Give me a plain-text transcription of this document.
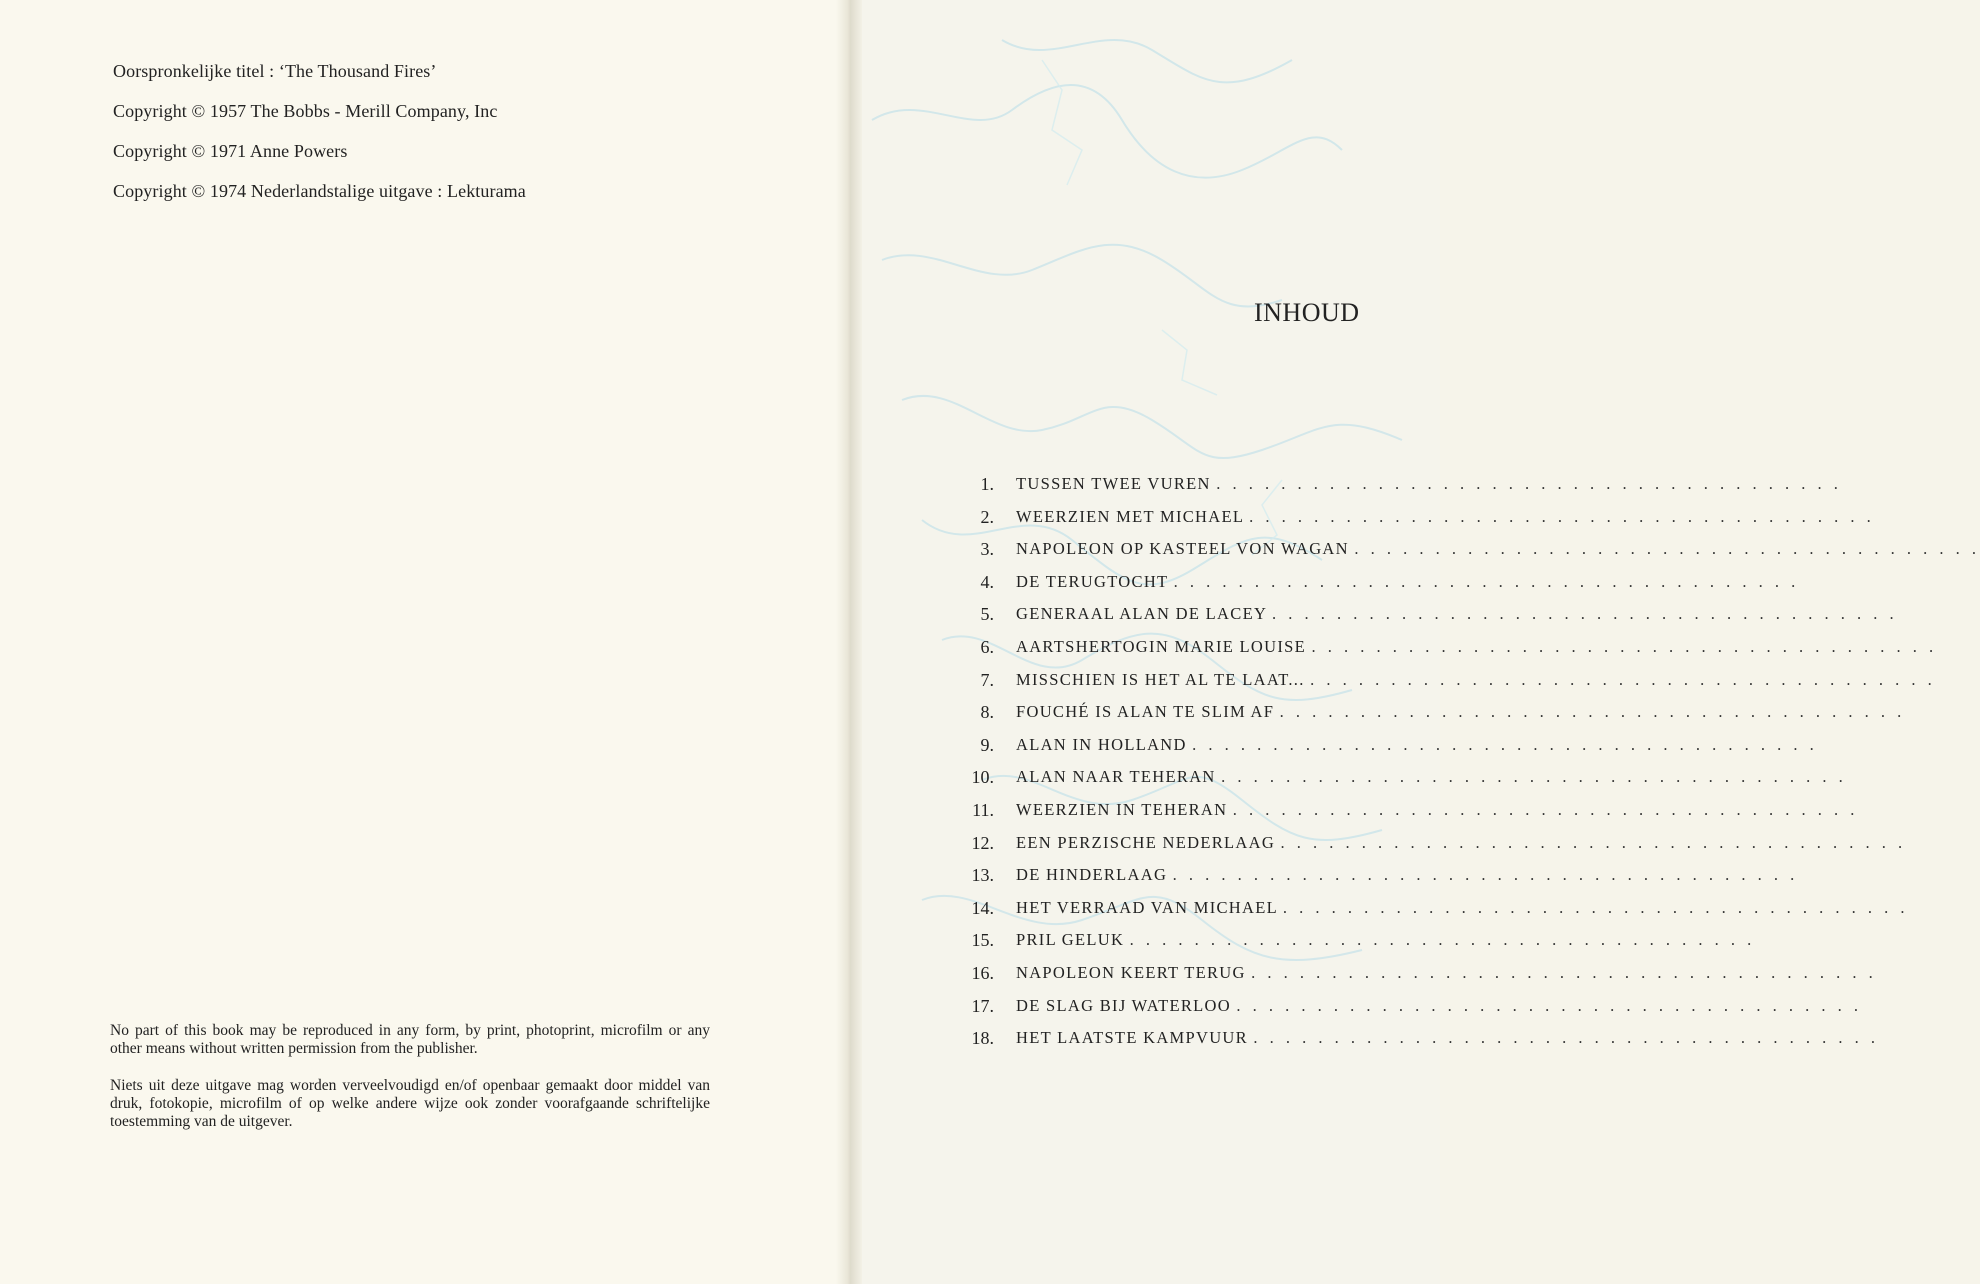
Oorspronkelijke titel : ‘The Thousand Fires’

Copyright © 1957 The Bobbs - Merill Company, Inc

Copyright © 1971 Anne Powers

Copyright © 1974 Nederlandstalige uitgave : Lekturama

No part of this book may be reproduced in any form, by print, photoprint, microfilm or any other means without written permission from the publisher.

Niets uit deze uitgave mag worden verveelvoudigd en/of openbaar gemaakt door middel van druk, fotokopie, microfilm of op welke andere wijze ook zonder voorafgaande schriftelijke toestemming van de uitgever.

INHOUD
1. TUSSEN TWEE VUREN . . . . . . . . . . . . . . . . . . . . . . . . . . . . . . . . . . . . . . .
2. WEERZIEN MET MICHAEL . . . . . . . . . . . . . . . . . . . . . . . . . . . . . . . . . . . . . . .
3. NAPOLEON OP KASTEEL VON WAGAN . . . . . . . . . . . . . . . . . . . . . . . . . . . . . . . . . . . . . . .
4. DE TERUGTOCHT . . . . . . . . . . . . . . . . . . . . . . . . . . . . . . . . . . . . . . .
5. GENERAAL ALAN DE LACEY . . . . . . . . . . . . . . . . . . . . . . . . . . . . . . . . . . . . . . .
6. AARTSHERTOGIN MARIE LOUISE . . . . . . . . . . . . . . . . . . . . . . . . . . . . . . . . . . . . . . .
7. MISSCHIEN IS HET AL TE LAAT... . . . . . . . . . . . . . . . . . . . . . . . . . . . . . . . . . . . . . . .
8. FOUCHÉ IS ALAN TE SLIM AF . . . . . . . . . . . . . . . . . . . . . . . . . . . . . . . . . . . . . . .
9. ALAN IN HOLLAND . . . . . . . . . . . . . . . . . . . . . . . . . . . . . . . . . . . . . . .
10. ALAN NAAR TEHERAN . . . . . . . . . . . . . . . . . . . . . . . . . . . . . . . . . . . . . . .
11. WEERZIEN IN TEHERAN . . . . . . . . . . . . . . . . . . . . . . . . . . . . . . . . . . . . . . .
12. EEN PERZISCHE NEDERLAAG . . . . . . . . . . . . . . . . . . . . . . . . . . . . . . . . . . . . . . .
13. DE HINDERLAAG . . . . . . . . . . . . . . . . . . . . . . . . . . . . . . . . . . . . . . .
14. HET VERRAAD VAN MICHAEL . . . . . . . . . . . . . . . . . . . . . . . . . . . . . . . . . . . . . . .
15. PRIL GELUK . . . . . . . . . . . . . . . . . . . . . . . . . . . . . . . . . . . . . . .
16. NAPOLEON KEERT TERUG . . . . . . . . . . . . . . . . . . . . . . . . . . . . . . . . . . . . . . .
17. DE SLAG BIJ WATERLOO . . . . . . . . . . . . . . . . . . . . . . . . . . . . . . . . . . . . . . .
18. HET LAATSTE KAMPVUUR . . . . . . . . . . . . . . . . . . . . . . . . . . . . . . . . . . . . . . .
